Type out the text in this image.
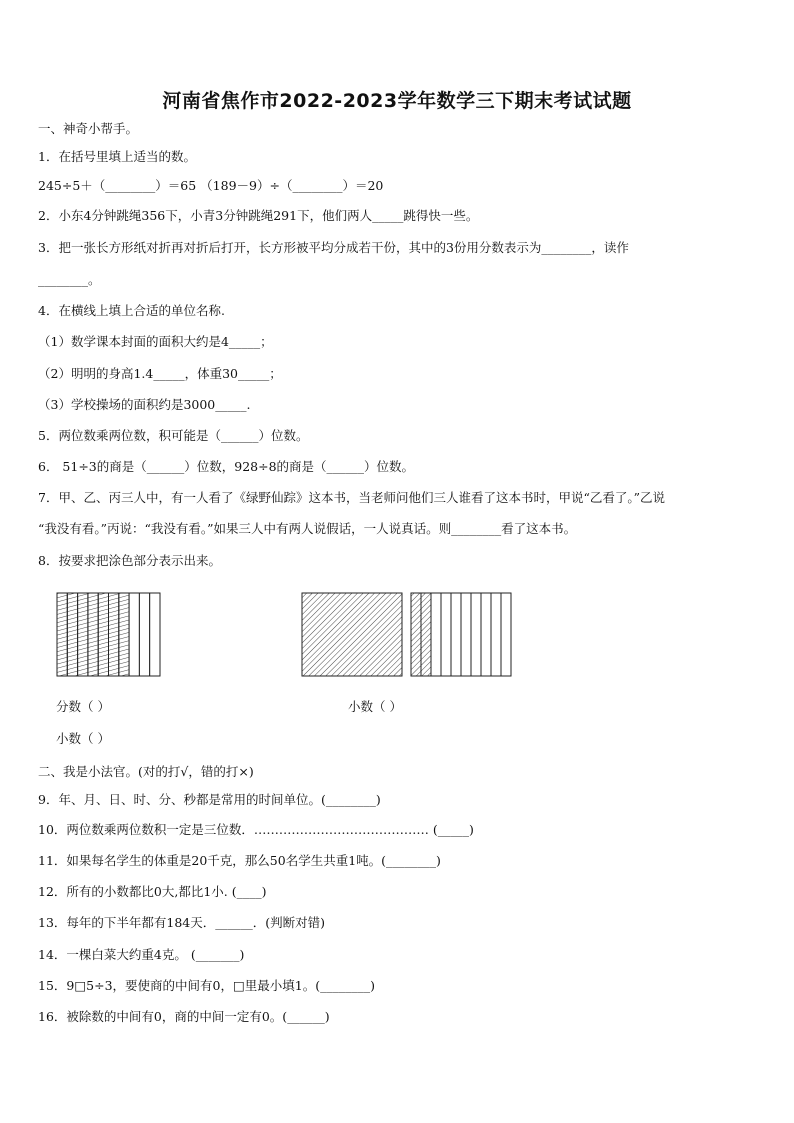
河南省焦作市2022-2023学年数学三下期末考试试题
一、神奇小帮手。
1．在括号里填上适当的数。
245÷5＋（________）＝65 （189－9）÷（________）＝20
2．小东4分钟跳绳356下，小青3分钟跳绳291下，他们两人_____跳得快一些。
3．把一张长方形纸对折再对折后打开，长方形被平均分成若干份，其中的3份用分数表示为________，读作
________。
4．在横线上填上合适的单位名称.
（1）数学课本封面的面积大约是4_____；
（2）明明的身高1.4_____，体重30_____；
（3）学校操场的面积约是3000_____.
5．两位数乘两位数，积可能是（______）位数。
6． 51÷3的商是（______）位数，928÷8的商是（______）位数。
7．甲、乙、丙三人中，有一人看了《绿野仙踪》这本书，当老师问他们三人谁看了这本书时，甲说“乙看了。”乙说
“我没有看。”丙说：“我没有看。”如果三人中有两人说假话，一人说真话。则________看了这本书。
8．按要求把涂色部分表示出来。
分数（ ）	小数（ ）
小数（ ）
二、我是小法官。(对的打√，错的打×)
9．年、月、日、时、分、秒都是常用的时间单位。(________)
10．两位数乘两位数积一定是三位数．…………………………………… (_____)
11．如果每名学生的体重是20千克，那么50名学生共重1吨。(________)
12．所有的小数都比0大,都比1小. (____)
13．每年的下半年都有184天．______．(判断对错)
14．一棵白菜大约重4克。 (_______)
15．9□5÷3，要使商的中间有0，□里最小填1。(________)
16．被除数的中间有0，商的中间一定有0。(______)
